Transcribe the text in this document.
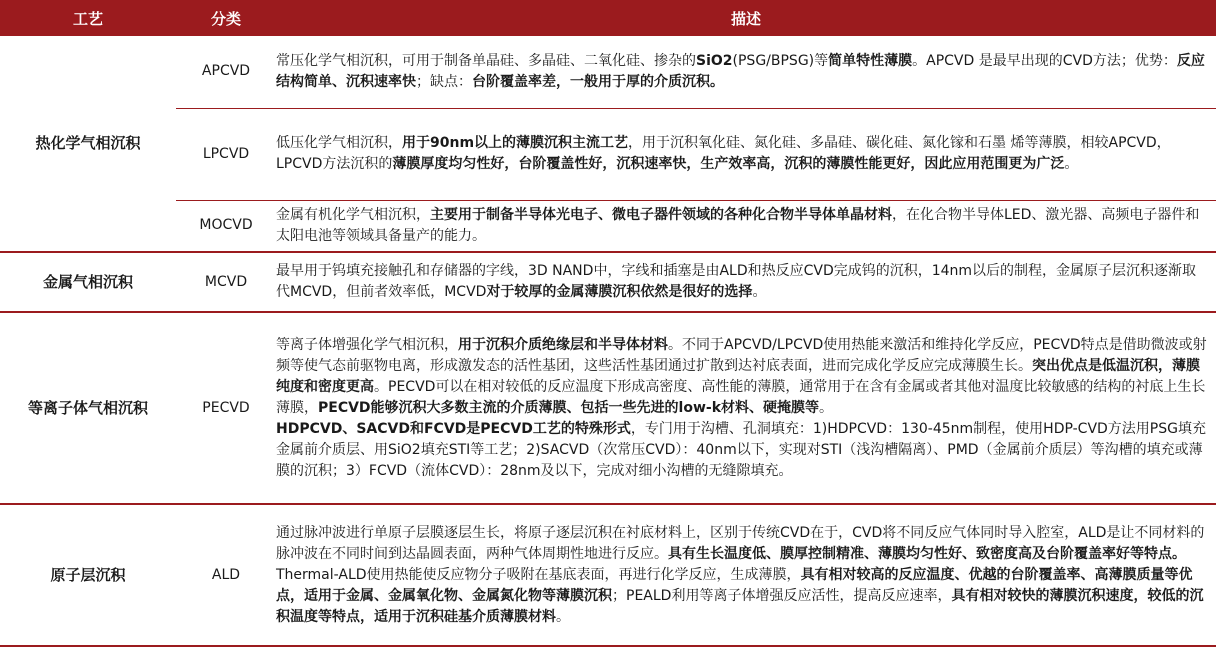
工艺	分类	描述
热化学气相沉积	APCVD	常压化学气相沉积，可用于制备单晶硅、多晶硅、二氧化硅、掺杂的SiO2(PSG/BPSG)等简单特性薄膜。APCVD 是最早出现的CVD方法；优势：反应结构简单、沉积速率快；缺点：台阶覆盖率差，一般用于厚的介质沉积。

	LPCVD	低压化学气相沉积，用于90nm以上的薄膜沉积主流工艺，用于沉积氧化硅、氮化硅、多晶硅、碳化硅、氮化镓和石墨 烯等薄膜，相较APCVD，LPCVD方法沉积的薄膜厚度均匀性好，台阶覆盖性好，沉积速率快，生产效率高，沉积的薄膜性能更好，因此应用范围更为广泛。

	MOCVD	金属有机化学气相沉积，主要用于制备半导体光电子、微电子器件领域的各种化合物半导体单晶材料，在化合物半导体LED、激光器、高频电子器件和太阳电池等领域具备量产的能力。

金属气相沉积	MCVD	最早用于钨填充接触孔和存储器的字线，3D NAND中，字线和插塞是由ALD和热反应CVD完成钨的沉积，14nm以后的制程，金属原子层沉积逐渐取代MCVD，但前者效率低，MCVD对于较厚的金属薄膜沉积依然是很好的选择。

等离子体气相沉积	PECVD	等离子体增强化学气相沉积，用于沉积介质绝缘层和半导体材料。不同于APCVD/LPCVD使用热能来激活和维持化学反应，PECVD特点是借助微波或射频等使气态前驱物电离，形成激发态的活性基团，这些活性基团通过扩散到达衬底表面，进而完成化学反应完成薄膜生长。突出优点是低温沉积，薄膜纯度和密度更高。PECVD可以在相对较低的反应温度下形成高密度、高性能的薄膜，通常用于在含有金属或者其他对温度比较敏感的结构的衬底上生长薄膜，PECVD能够沉积大多数主流的介质薄膜、包括一些先进的low-k材料、硬掩膜等。
HDPCVD、SACVD和FCVD是PECVD工艺的特殊形式，专门用于沟槽、孔洞填充：1)HDPCVD：130-45nm制程，使用HDP-CVD方法用PSG填充金属前介质层、用SiO2填充STI等工艺；2)SACVD（次常压CVD）：40nm以下，实现对STI（浅沟槽隔离）、PMD（金属前介质层）等沟槽的填充或薄膜的沉积；3）FCVD（流体CVD）：28nm及以下，完成对细小沟槽的无缝隙填充。

原子层沉积	ALD	通过脉冲波进行单原子层膜逐层生长，将原子逐层沉积在衬底材料上，区别于传统CVD在于，CVD将不同反应气体同时导入腔室，ALD是让不同材料的脉冲波在不同时间到达晶圆表面，两种气体周期性地进行反应。具有生长温度低、膜厚控制精准、薄膜均匀性好、致密度高及台阶覆盖率好等特点。
Thermal-ALD使用热能使反应物分子吸附在基底表面，再进行化学反应，生成薄膜，具有相对较高的反应温度、优越的台阶覆盖率、高薄膜质量等优点，适用于金属、金属氧化物、金属氮化物等薄膜沉积；PEALD利用等离子体增强反应活性，提高反应速率，具有相对较快的薄膜沉积速度，较低的沉积温度等特点，适用于沉积硅基介质薄膜材料。
